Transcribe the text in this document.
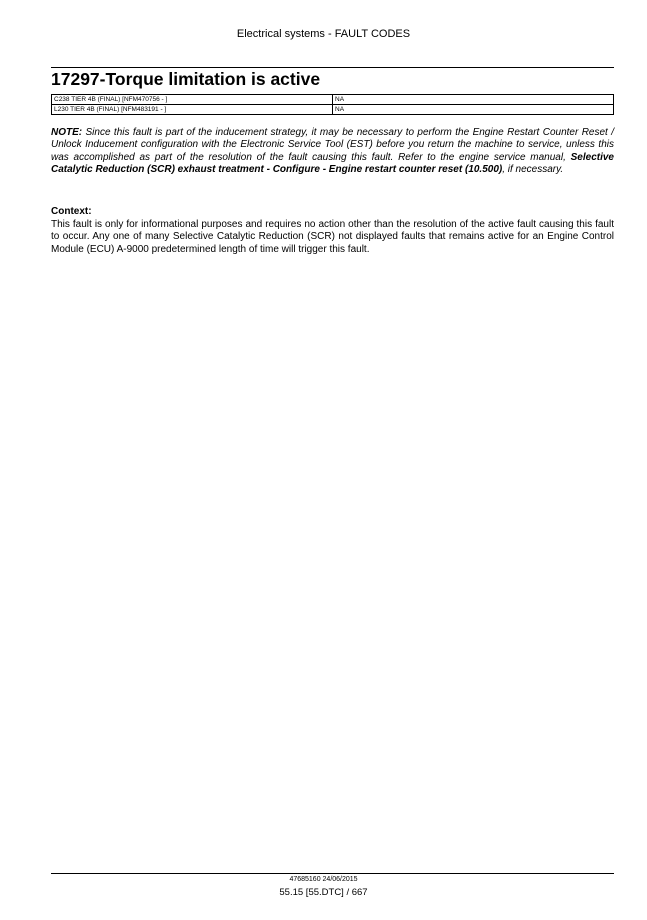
Electrical systems - FAULT CODES
17297-Torque limitation is active
C238 TIER 4B (FINAL) [NFM470756 - ]	NA
L230 TIER 4B (FINAL) [NFM483191 - ]	NA
NOTE: Since this fault is part of the inducement strategy, it may be necessary to perform the Engine Restart Counter Reset / Unlock Inducement configuration with the Electronic Service Tool (EST) before you return the machine to service, unless this was accomplished as part of the resolution of the fault causing this fault. Refer to the engine service manual, Selective Catalytic Reduction (SCR) exhaust treatment - Configure - Engine restart counter reset (10.500), if necessary.
Context:
This fault is only for informational purposes and requires no action other than the resolution of the active fault causing this fault to occur. Any one of many Selective Catalytic Reduction (SCR) not displayed faults that remains active for an Engine Control Module (ECU) A-9000 predetermined length of time will trigger this fault.
47685160 24/06/2015
55.15 [55.DTC] / 667
